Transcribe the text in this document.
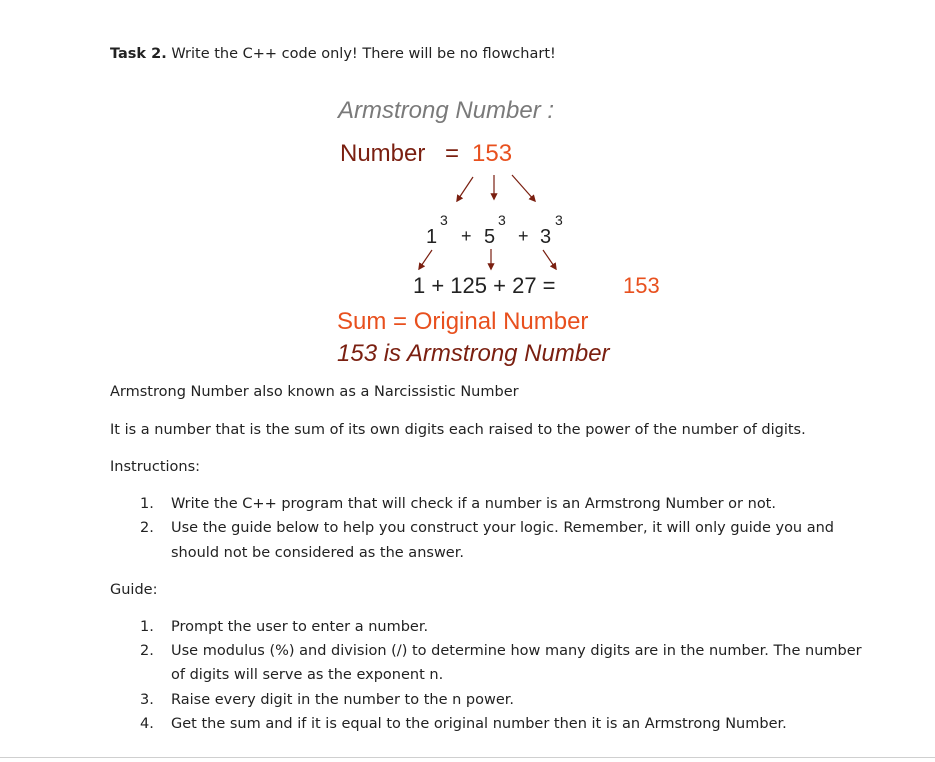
Task 2. Write the C++ code only! There will be no flowchart!
Armstrong Number :
Number = 153
1
3
+ 5
3
+ 3
3
1 + 125 + 27 =	153
Sum = Original Number
153 is Armstrong Number
Armstrong Number also known as a Narcissistic Number
It is a number that is the sum of its own digits each raised to the power of the number of digits.
Instructions:
1. Write the C++ program that will check if a number is an Armstrong Number or not.
2. Use the guide below to help you construct your logic. Remember, it will only guide you and
should not be considered as the answer.
Guide:
1. Prompt the user to enter a number.
2. Use modulus (%) and division (/) to determine how many digits are in the number. The number
of digits will serve as the exponent n.
3. Raise every digit in the number to the n power.
4. Get the sum and if it is equal to the original number then it is an Armstrong Number.
